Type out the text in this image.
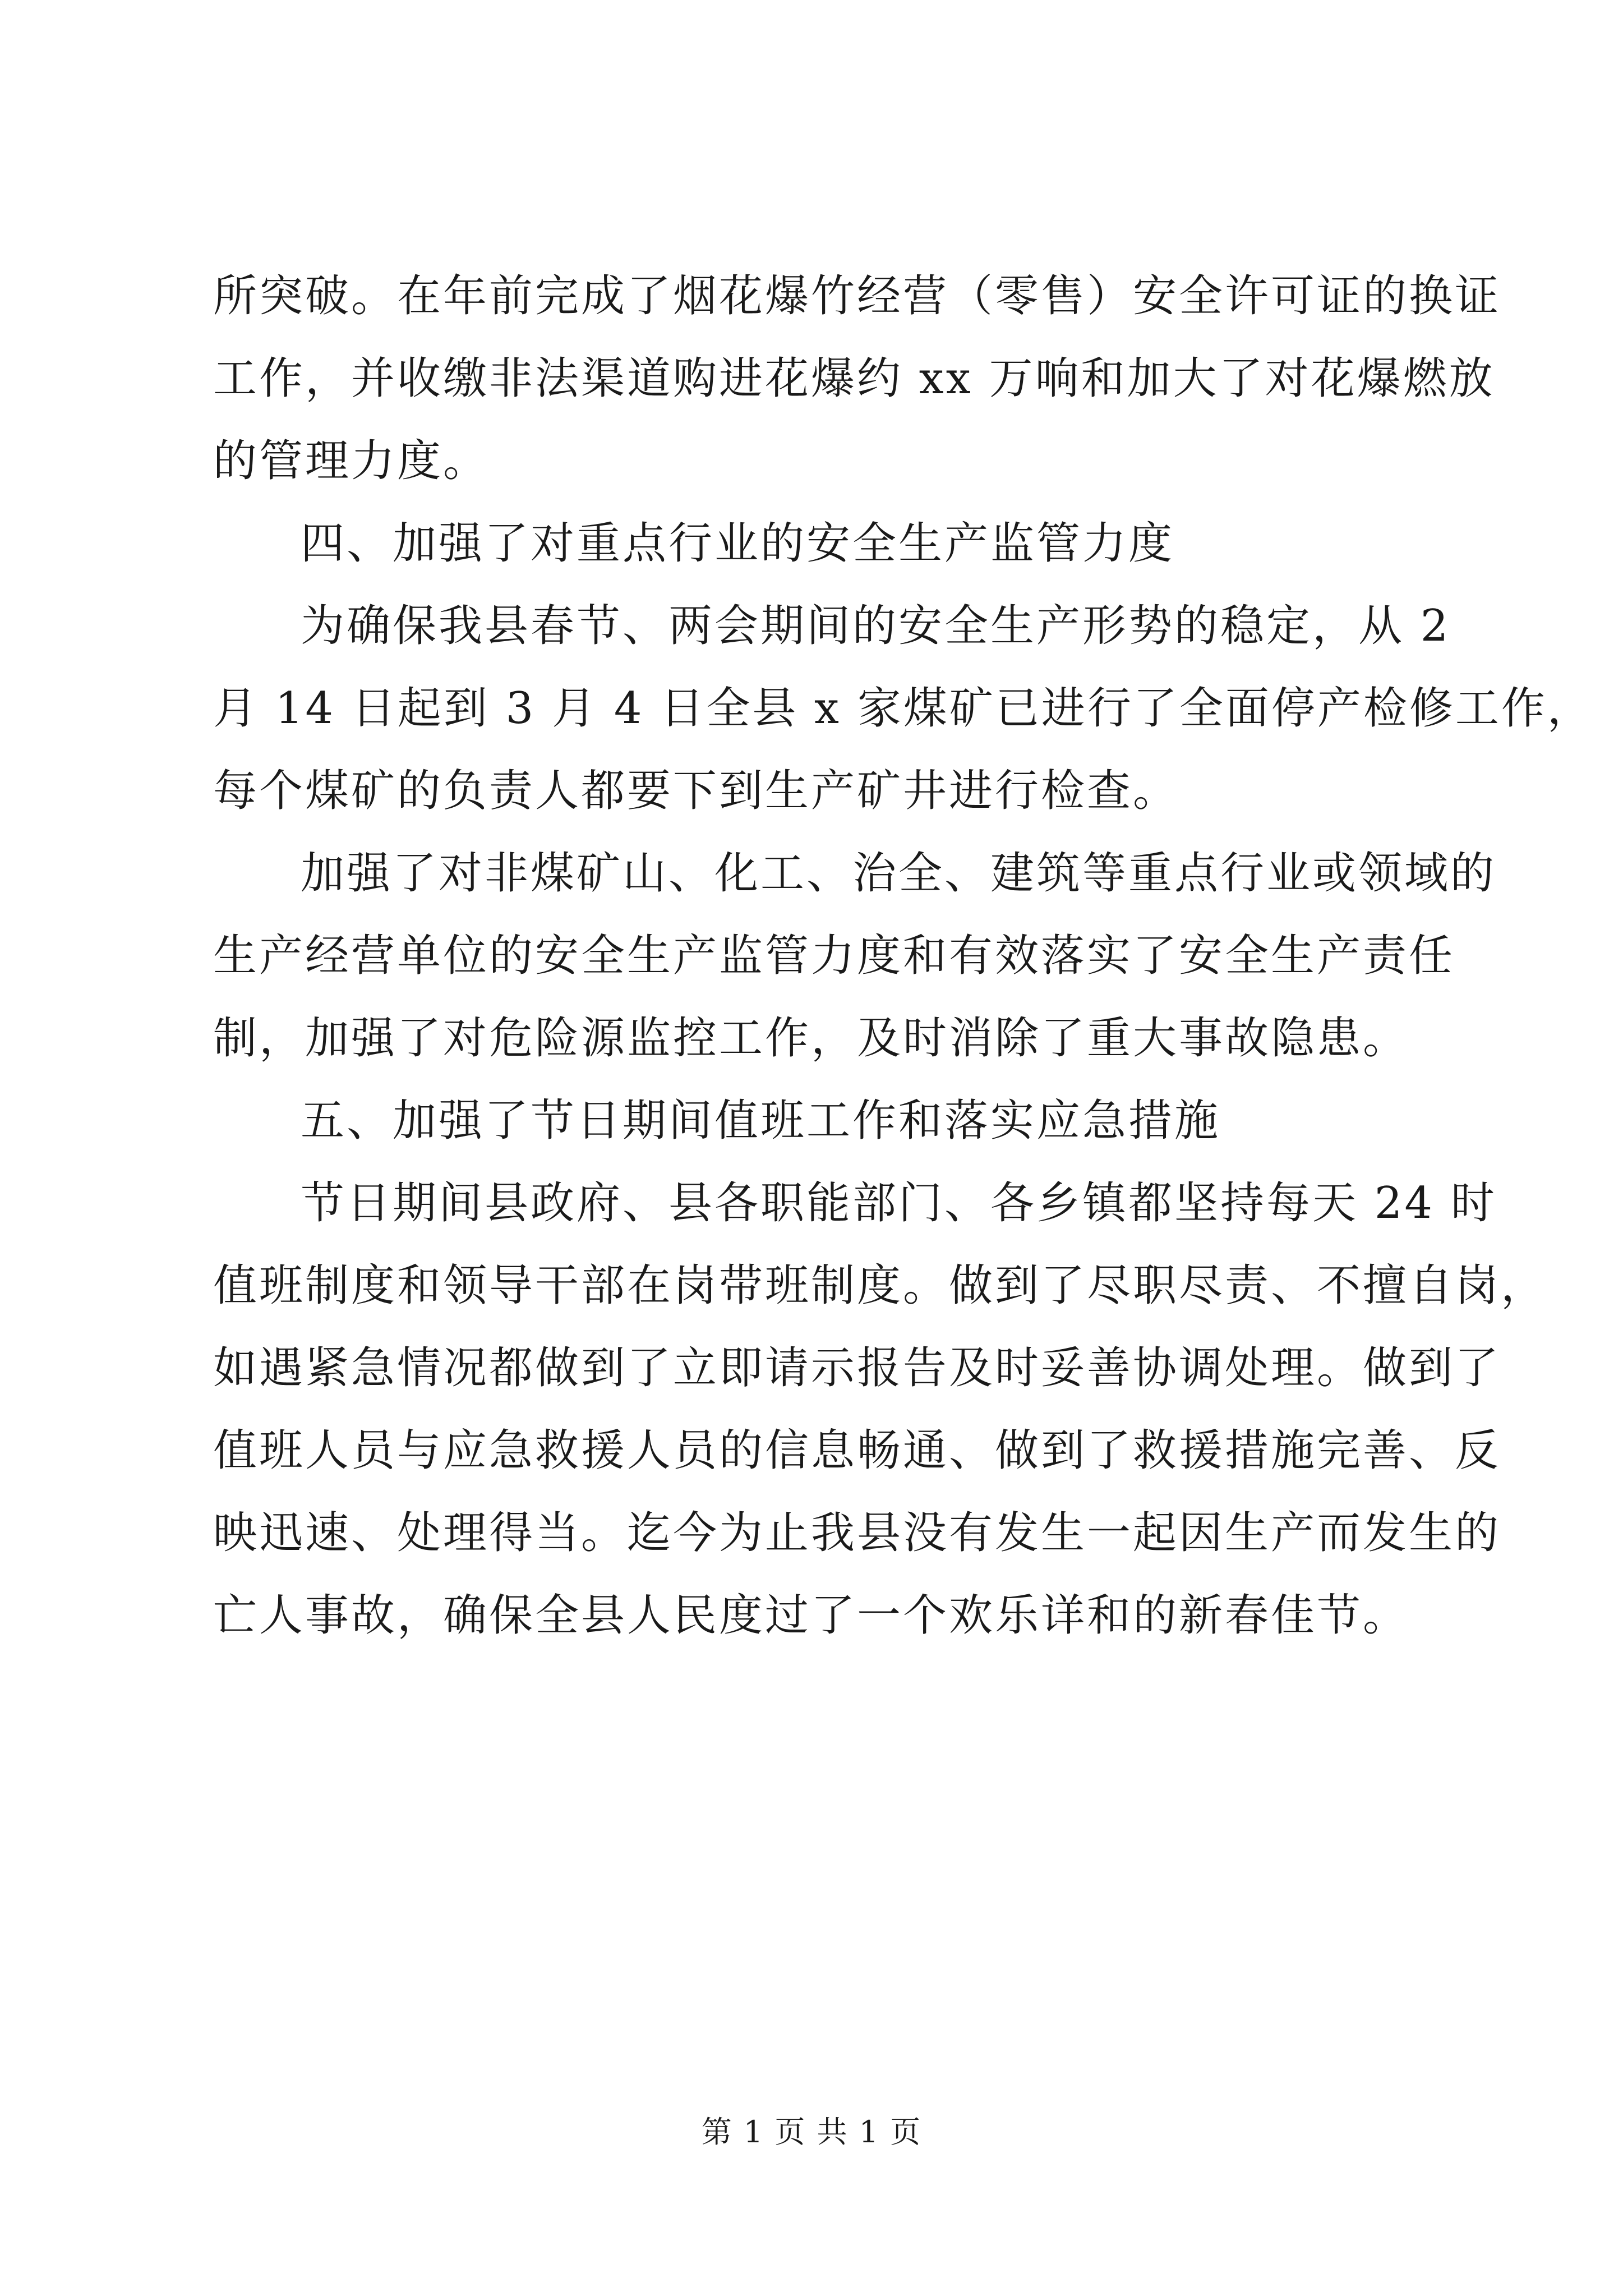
所突破。在年前完成了烟花爆竹经营（零售）安全许可证的换证
工作，并收缴非法渠道购进花爆约 xx 万响和加大了对花爆燃放
的管理力度。
四、加强了对重点行业的安全生产监管力度
为确保我县春节、两会期间的安全生产形势的稳定，从 2
月 14 日起到 3 月 4 日全县 x 家煤矿已进行了全面停产检修工作，
每个煤矿的负责人都要下到生产矿井进行检查。
加强了对非煤矿山、化工、治全、建筑等重点行业或领域的
生产经营单位的安全生产监管力度和有效落实了安全生产责任
制，加强了对危险源监控工作，及时消除了重大事故隐患。
五、加强了节日期间值班工作和落实应急措施
节日期间县政府、县各职能部门、各乡镇都坚持每天 24 时
值班制度和领导干部在岗带班制度。做到了尽职尽责、不擅自岗，
如遇紧急情况都做到了立即请示报告及时妥善协调处理。做到了
值班人员与应急救援人员的信息畅通、做到了救援措施完善、反
映迅速、处理得当。迄今为止我县没有发生一起因生产而发生的
亡人事故，确保全县人民度过了一个欢乐详和的新春佳节。
第 1 页 共 1 页
